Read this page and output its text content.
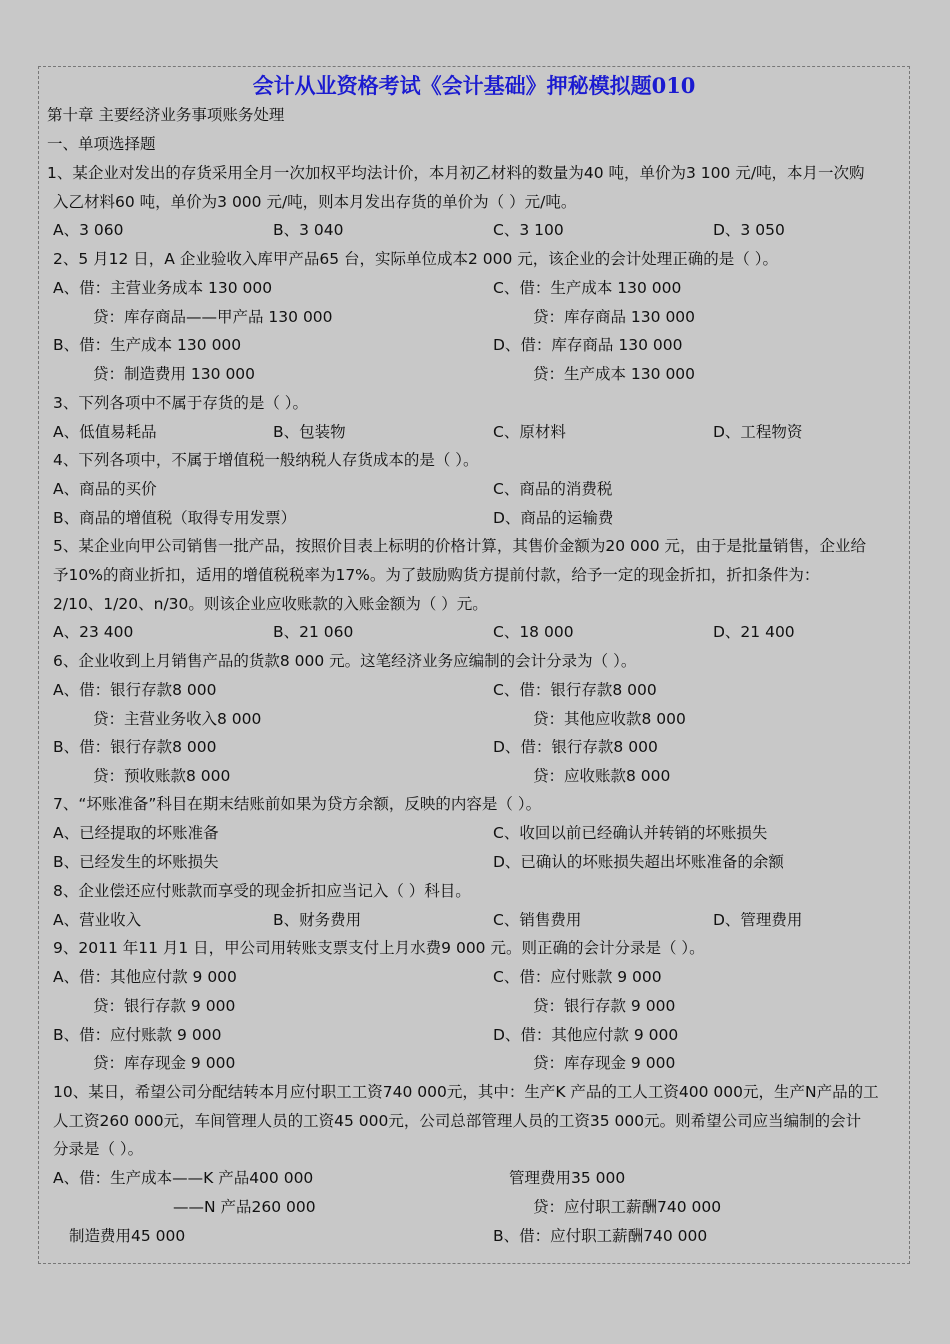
会计从业资格考试《会计基础》押秘模拟题010
第十章 主要经济业务事项账务处理
一、单项选择题
1、某企业对发出的存货采用全月一次加权平均法计价，本月初乙材料的数量为40 吨，单价为3 100 元/吨，本月一次购
入乙材料60 吨，单价为3 000 元/吨，则本月发出存货的单价为（ ）元/吨。
A、3 060	B、3 040	C、3 100	D、3 050
2、5 月12 日，A 企业验收入库甲产品65 台，实际单位成本2 000 元，该企业的会计处理正确的是（ ）。
A、借：主营业务成本 130 000	C、借：生产成本 130 000
贷：库存商品——甲产品 130 000	贷：库存商品 130 000
B、借：生产成本 130 000	D、借：库存商品 130 000
贷：制造费用 130 000	贷：生产成本 130 000
3、下列各项中不属于存货的是（ ）。
A、低值易耗品	B、包装物	C、原材料	D、工程物资
4、下列各项中，不属于增值税一般纳税人存货成本的是（ ）。
A、商品的买价	C、商品的消费税
B、商品的增值税（取得专用发票）	D、商品的运输费
5、某企业向甲公司销售一批产品，按照价目表上标明的价格计算，其售价金额为20 000 元，由于是批量销售，企业给
予10%的商业折扣，适用的增值税税率为17%。为了鼓励购货方提前付款，给予一定的现金折扣，折扣条件为：
2/10、1/20、n/30。则该企业应收账款的入账金额为（ ）元。
A、23 400	B、21 060	C、18 000	D、21 400
6、企业收到上月销售产品的货款8 000 元。这笔经济业务应编制的会计分录为（ ）。
A、借：银行存款8 000	C、借：银行存款8 000
贷：主营业务收入8 000	贷：其他应收款8 000
B、借：银行存款8 000	D、借：银行存款8 000
贷：预收账款8 000	贷：应收账款8 000
7、“坏账准备”科目在期末结账前如果为贷方余额，反映的内容是（ ）。
A、已经提取的坏账准备	C、收回以前已经确认并转销的坏账损失
B、已经发生的坏账损失	D、已确认的坏账损失超出坏账准备的余额
8、企业偿还应付账款而享受的现金折扣应当记入（ ）科目。
A、营业收入	B、财务费用	C、销售费用	D、管理费用
9、2011 年11 月1 日，甲公司用转账支票支付上月水费9 000 元。则正确的会计分录是（ ）。
A、借：其他应付款 9 000	C、借：应付账款 9 000
贷：银行存款 9 000	贷：银行存款 9 000
B、借：应付账款 9 000	D、借：其他应付款 9 000
贷：库存现金 9 000	贷：库存现金 9 000
10、某日，希望公司分配结转本月应付职工工资740 000元，其中：生产K 产品的工人工资400 000元，生产N产品的工
人工资260 000元，车间管理人员的工资45 000元，公司总部管理人员的工资35 000元。则希望公司应当编制的会计
分录是（ ）。
A、借：生产成本——K 产品400 000	管理费用35 000
——N 产品260 000	贷：应付职工薪酬740 000
制造费用45 000	B、借：应付职工薪酬740 000
